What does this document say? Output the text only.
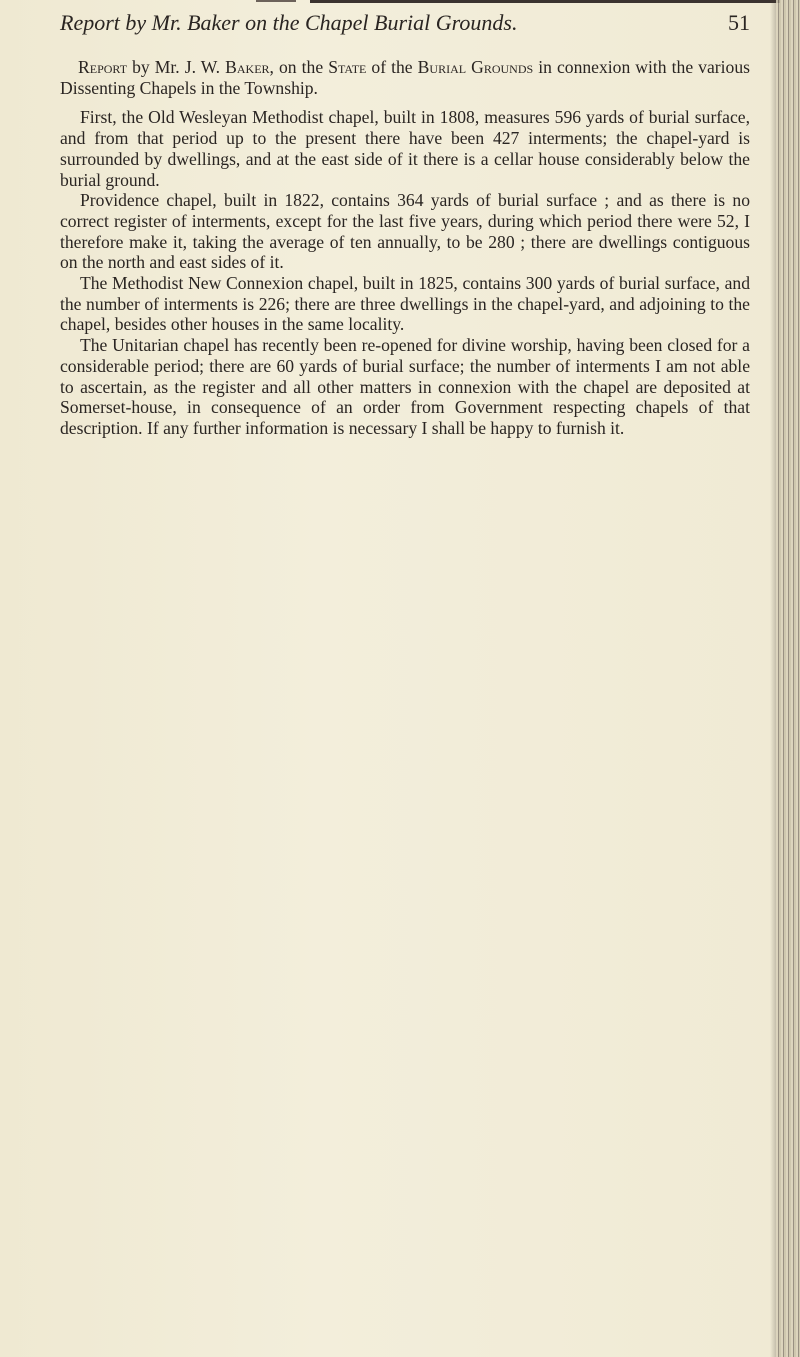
Report by Mr. Baker on the Chapel Burial Grounds.	51

Report by Mr. J. W. Baker, on the State of the Burial Grounds in connexion with the various Dissenting Chapels in the Township.

First, the Old Wesleyan Methodist chapel, built in 1808, measures 596 yards of burial surface, and from that period up to the present there have been 427 interments; the chapel-yard is surrounded by dwellings, and at the east side of it there is a cellar house considerably below the burial ground.

Providence chapel, built in 1822, contains 364 yards of burial surface ; and as there is no correct register of interments, except for the last five years, during which period there were 52, I therefore make it, taking the average of ten annually, to be 280 ; there are dwellings contiguous on the north and east sides of it.

The Methodist New Connexion chapel, built in 1825, contains 300 yards of burial surface, and the number of interments is 226; there are three dwellings in the chapel-yard, and adjoining to the chapel, besides other houses in the same locality.

The Unitarian chapel has recently been re-opened for divine worship, having been closed for a considerable period; there are 60 yards of burial surface; the number of interments I am not able to ascertain, as the register and all other matters in connexion with the chapel are deposited at Somerset-house, in consequence of an order from Government respecting chapels of that description. If any further information is necessary I shall be happy to furnish it.
